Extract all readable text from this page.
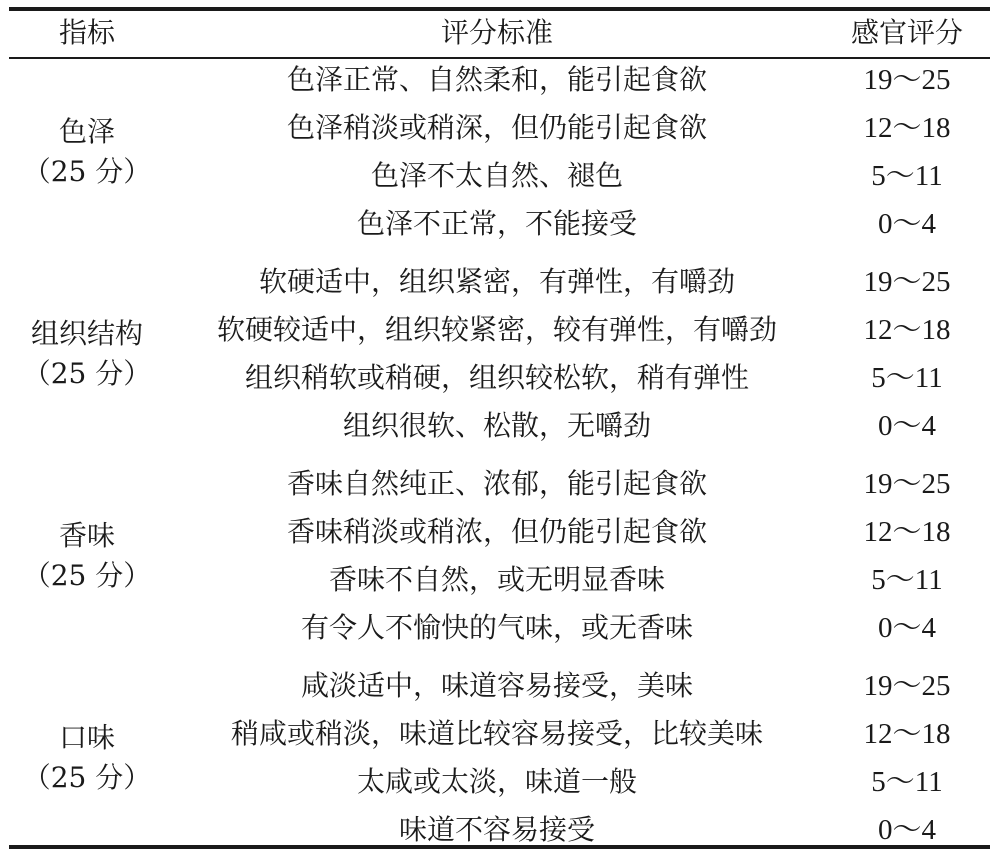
指标	评分标准	感官评分
色泽
（25 分）
色泽正常、自然柔和，能引起食欲	19～25
色泽稍淡或稍深，但仍能引起食欲	12～18
色泽不太自然、褪色	5～11
色泽不正常，不能接受	0～4
组织结构
（25 分）
软硬适中，组织紧密，有弹性，有嚼劲	19～25
软硬较适中，组织较紧密，较有弹性，有嚼劲	12～18
组织稍软或稍硬，组织较松软，稍有弹性	5～11
组织很软、松散，无嚼劲	0～4
香味
（25 分）
香味自然纯正、浓郁，能引起食欲	19～25
香味稍淡或稍浓，但仍能引起食欲	12～18
香味不自然，或无明显香味	5～11
有令人不愉快的气味，或无香味	0～4
口味
（25 分）
咸淡适中，味道容易接受，美味	19～25
稍咸或稍淡，味道比较容易接受，比较美味	12～18
太咸或太淡，味道一般	5～11
味道不容易接受	0～4
